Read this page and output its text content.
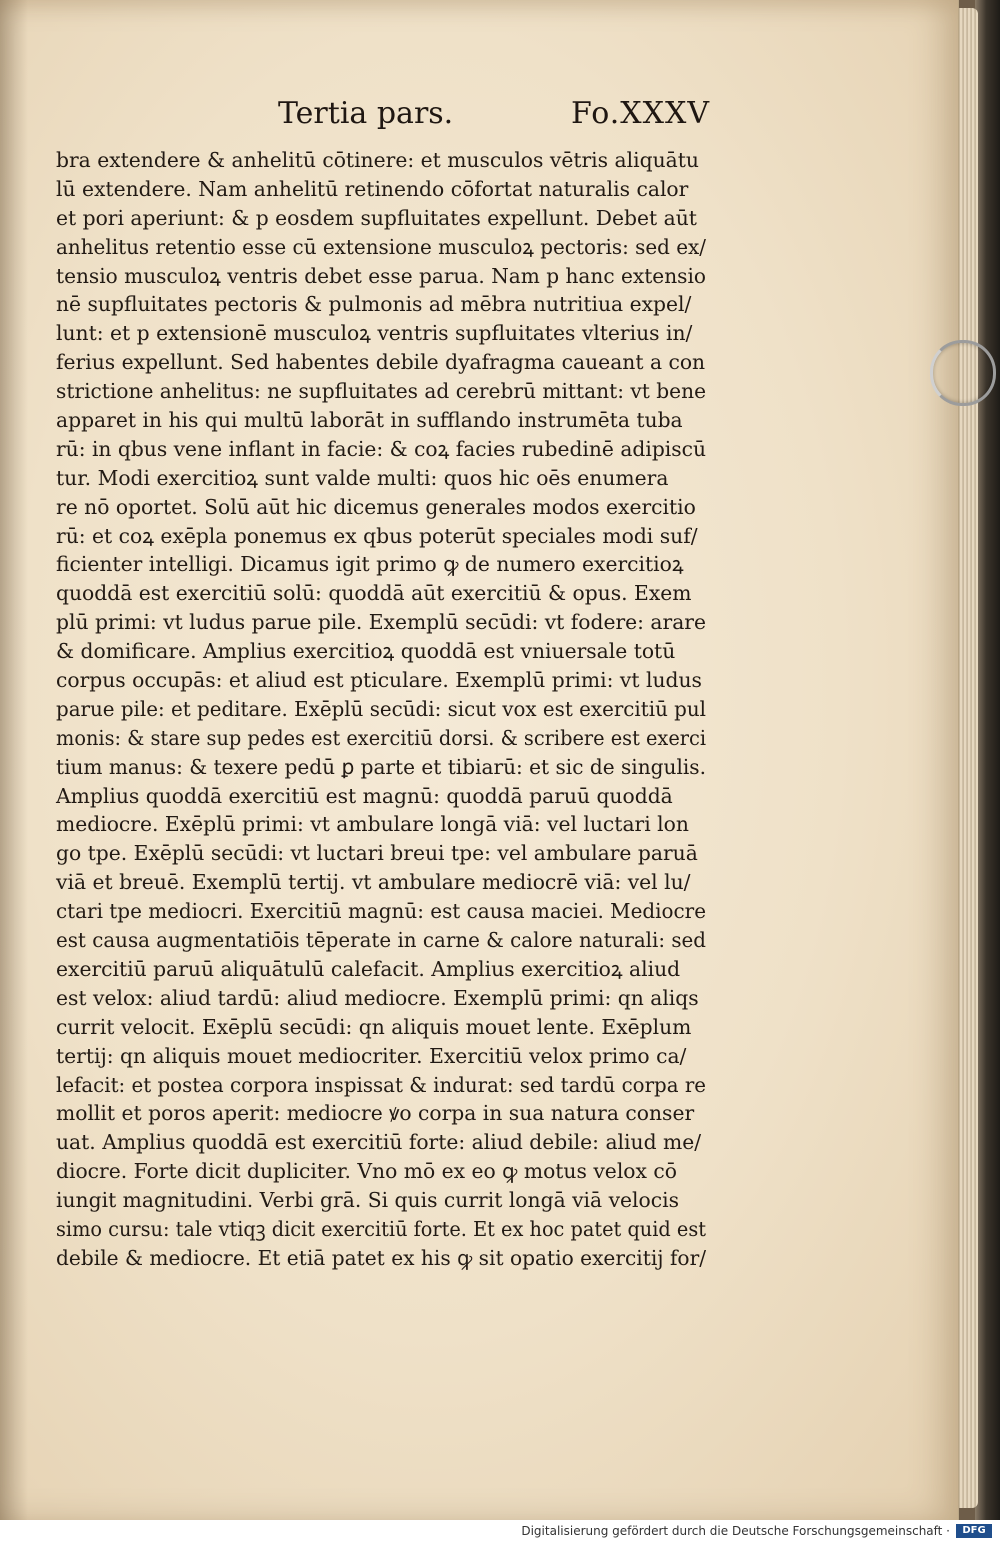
Tertia pars.	Fo.XXXV
bra extendere & anhelitū cōtinere: et musculos vētris aliquātu
lū extendere. Nam anhelitū retinendo cōfortat naturalis calor
et pori aperiunt: & p eosdem supfluitates expellunt. Debet aūt
anhelitus retentio esse cū extensione musculoꝝ pectoris: sed ex/
tensio musculoꝝ ventris debet esse parua. Nam p hanc extensio
nē supfluitates pectoris & pulmonis ad mēbra nutritiua expel/
lunt: et p extensionē musculoꝝ ventris supfluitates vlterius in/
ferius expellunt. Sed habentes debile dyafragma caueant a con
strictione anhelitus: ne supfluitates ad cerebrū mittant: vt bene
apparet in his qui multū laborāt in sufflando instrumēta tuba
rū: in qbus vene inflant in facie: & coꝝ facies rubedinē adipiscū
tur. Modi exercitioꝝ sunt valde multi: quos hic oēs enumera
re nō oportet. Solū aūt hic dicemus generales modos exercitio
rū: et coꝝ exēpla ponemus ex qbus poterūt speciales modi suf/
ficienter intelligi. Dicamus igit primo ꝙ de numero exercitioꝝ
quoddā est exercitiū solū: quoddā aūt exercitiū & opus. Exem
plū primi: vt ludus parue pile. Exemplū secūdi: vt fodere: arare
& domificare. Amplius exercitioꝝ quoddā est vniuersale totū
corpus occupās: et aliud est pticulare. Exemplū primi: vt ludus
parue pile: et peditare. Exēplū secūdi: sicut vox est exercitiū pul
monis: & stare sup pedes est exercitiū dorsi. & scribere est exerci
tium manus: & texere pedū ꝑ parte et tibiarū: et sic de singulis.
Amplius quoddā exercitiū est magnū: quoddā paruū quoddā
mediocre. Exēplū primi: vt ambulare longā viā: vel luctari lon
go tpe. Exēplū secūdi: vt luctari breui tpe: vel ambulare paruā
viā et breuē. Exemplū tertij. vt ambulare mediocrē viā: vel lu/
ctari tpe mediocri. Exercitiū magnū: est causa maciei. Mediocre
est causa augmentatiōis tēperate in carne & calore naturali: sed
exercitiū paruū aliquātulū calefacit. Amplius exercitioꝝ aliud
est velox: aliud tardū: aliud mediocre. Exemplū primi: qn aliqs
currit velocit. Exēplū secūdi: qn aliquis mouet lente. Exēplum
tertij: qn aliquis mouet mediocriter. Exercitiū velox primo ca/
lefacit: et postea corpora inspissat & indurat: sed tardū corpa re
mollit et poros aperit: mediocre ꝟo corpa in sua natura conser
uat. Amplius quoddā est exercitiū forte: aliud debile: aliud me/
diocre. Forte dicit dupliciter. Vno mō ex eo ꝙ motus velox cō
iungit magnitudini. Verbi grā. Si quis currit longā viā velocis
simo cursu: tale vtiqꝫ dicit exercitiū forte. Et ex hoc patet quid est
debile & mediocre. Et etiā patet ex his ꝙ sit opatio exercitij for/
Digitalisierung gefördert durch die Deutsche Forschungsgemeinschaft ·	DFG
